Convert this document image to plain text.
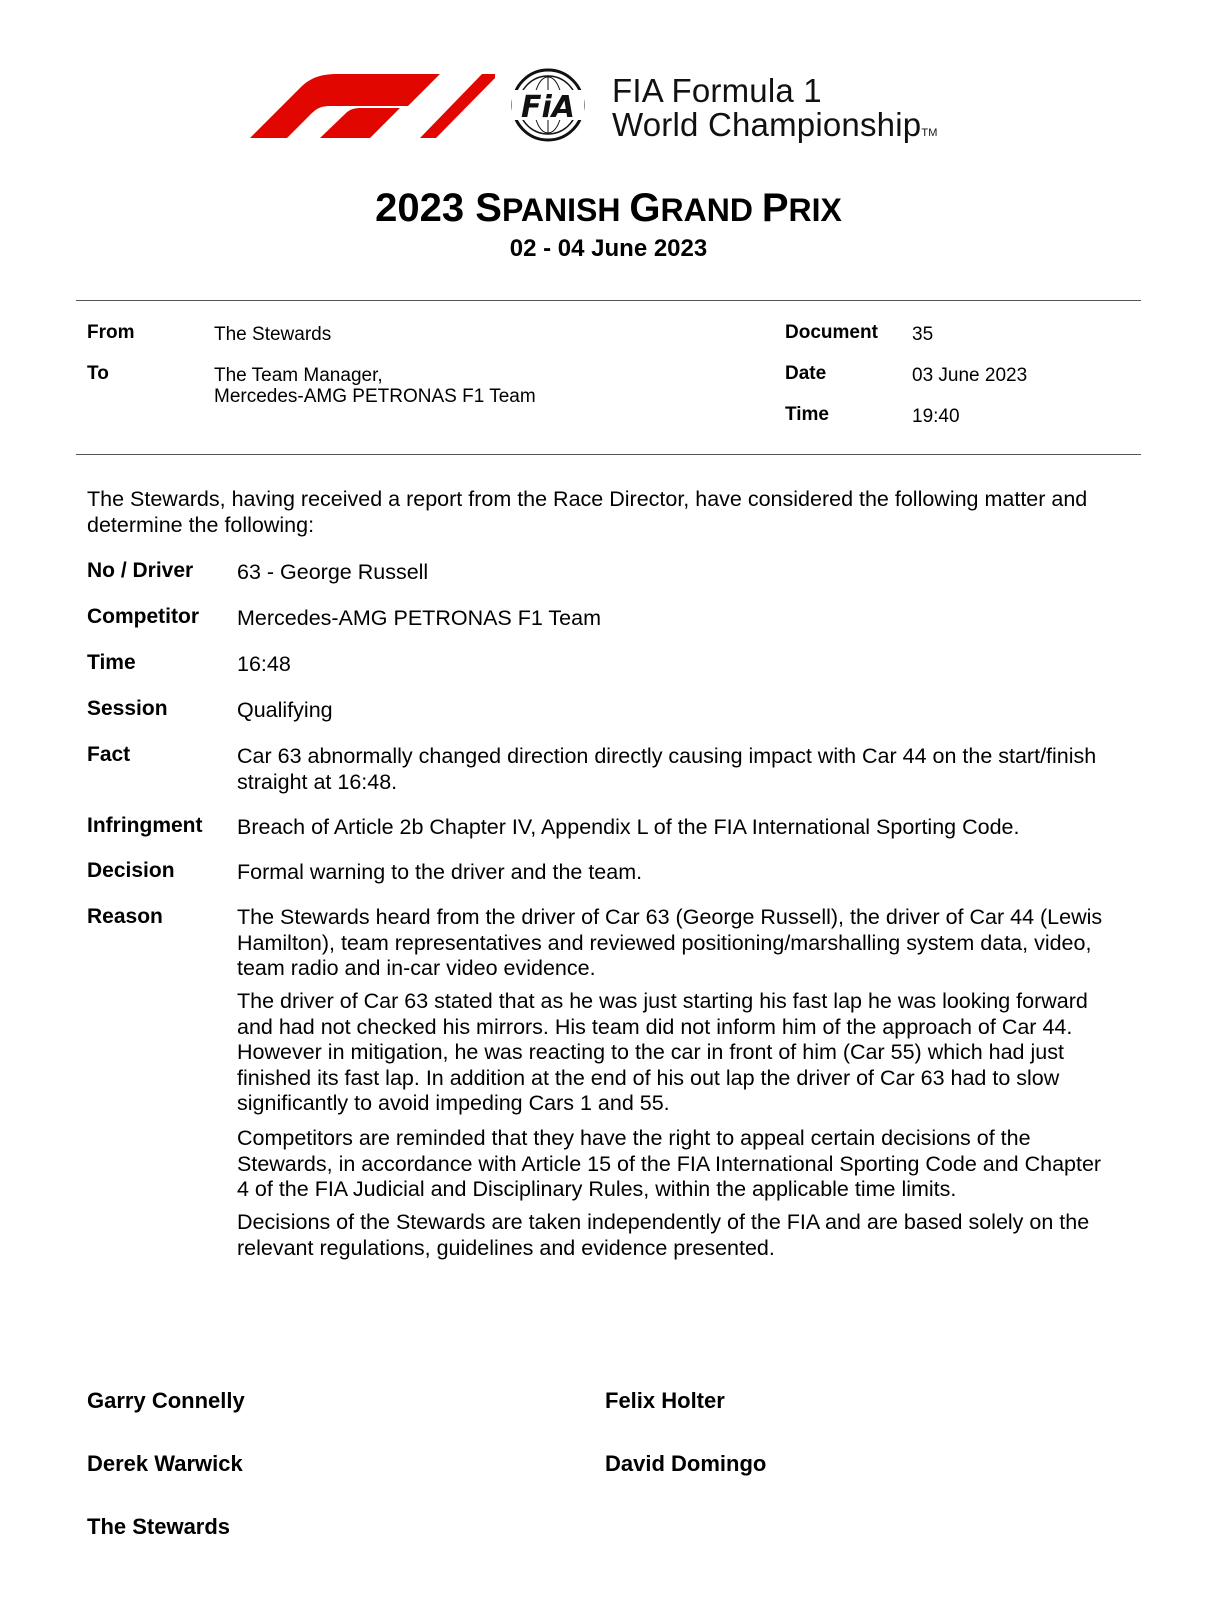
FiA FIA Formula 1
World ChampionshipTM
2023 SPANISH GRAND PRIX
02 - 04 June 2023
From	The Stewards
To	The Team Manager,
Mercedes-AMG PETRONAS F1 Team
Document 35
Date	03 June 2023
Time	19:40
The Stewards, having received a report from the Race Director, have considered the following matter and determine the following:
No / Driver 63 - George Russell
Competitor Mercedes-AMG PETRONAS F1 Team
Time	16:48
Session	Qualifying
Fact	Car 63 abnormally changed direction directly causing impact with Car 44 on the start/finish straight at 16:48.
Infringment Breach of Article 2b Chapter IV, Appendix L of the FIA International Sporting Code.
Decision	Formal warning to the driver and the team.
Reason	The Stewards heard from the driver of Car 63 (George Russell), the driver of Car 44 (Lewis Hamilton), team representatives and reviewed positioning/marshalling system data, video, team radio and in-car video evidence.
The driver of Car 63 stated that as he was just starting his fast lap he was looking forward and had not checked his mirrors. His team did not inform him of the approach of Car 44. However in mitigation, he was reacting to the car in front of him (Car 55) which had just finished its fast lap. In addition at the end of his out lap the driver of Car 63 had to slow significantly to avoid impeding Cars 1 and 55.
Competitors are reminded that they have the right to appeal certain decisions of the Stewards, in accordance with Article 15 of the FIA International Sporting Code and Chapter 4 of the FIA Judicial and Disciplinary Rules, within the applicable time limits.
Decisions of the Stewards are taken independently of the FIA and are based solely on the relevant regulations, guidelines and evidence presented.
Garry Connelly	Felix Holter
Derek Warwick	David Domingo
The Stewards
